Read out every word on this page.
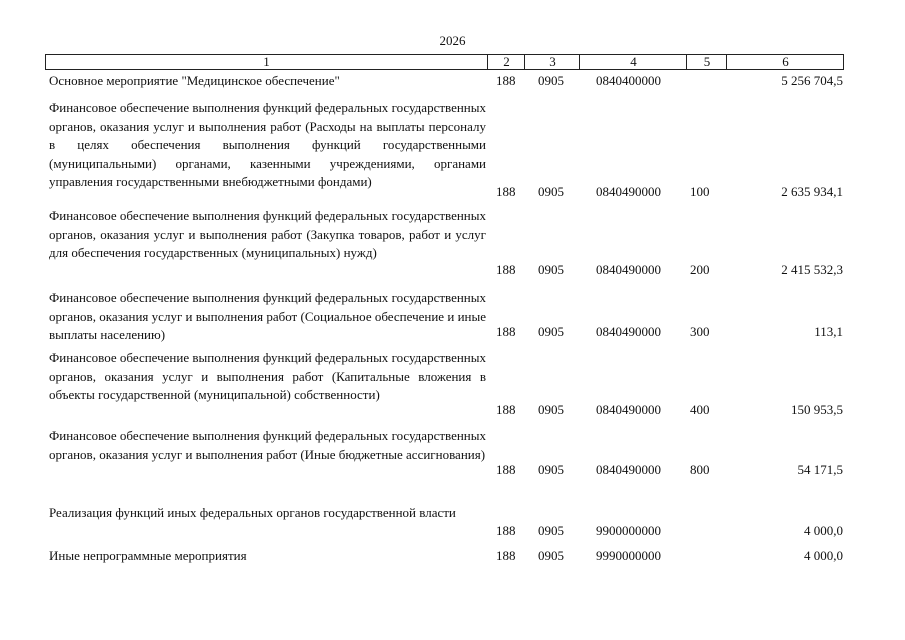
2026
1	2	3	4	5	6
Основное мероприятие "Медицинское обеспечение"	188 0905 0840400000	5 256 704,5
Финансовое обеспечение выполнения функций федеральных государственных органов, оказания услуг и выполнения работ (Расходы на выплаты персоналу в целях обеспечения выполнения функций государственными (муниципальными) органами, казенными учреждениями, органами управления государственными внебюджетными фондами)
188 0905 0840490000 100	2 635 934,1
Финансовое обеспечение выполнения функций федеральных государственных органов, оказания услуг и выполнения работ (Закупка товаров, работ и услуг для обеспечения государственных (муниципальных) нужд)
188 0905 0840490000 200	2 415 532,3
Финансовое обеспечение выполнения функций федеральных государственных органов, оказания услуг и выполнения работ (Социальное обеспечение и иные выплаты населению)	188 0905 0840490000 300	113,1
Финансовое обеспечение выполнения функций федеральных государственных органов, оказания услуг и выполнения работ (Капитальные вложения в объекты государственной (муниципальной) собственности)
188 0905 0840490000 400	150 953,5
Финансовое обеспечение выполнения функций федеральных государственных органов, оказания услуг и выполнения работ (Иные бюджетные ассигнования)
188 0905 0840490000 800	54 171,5
Реализация функций иных федеральных органов государственной власти
188 0905 9900000000	4 000,0
Иные непрограммные мероприятия	188 0905 9990000000	4 000,0
